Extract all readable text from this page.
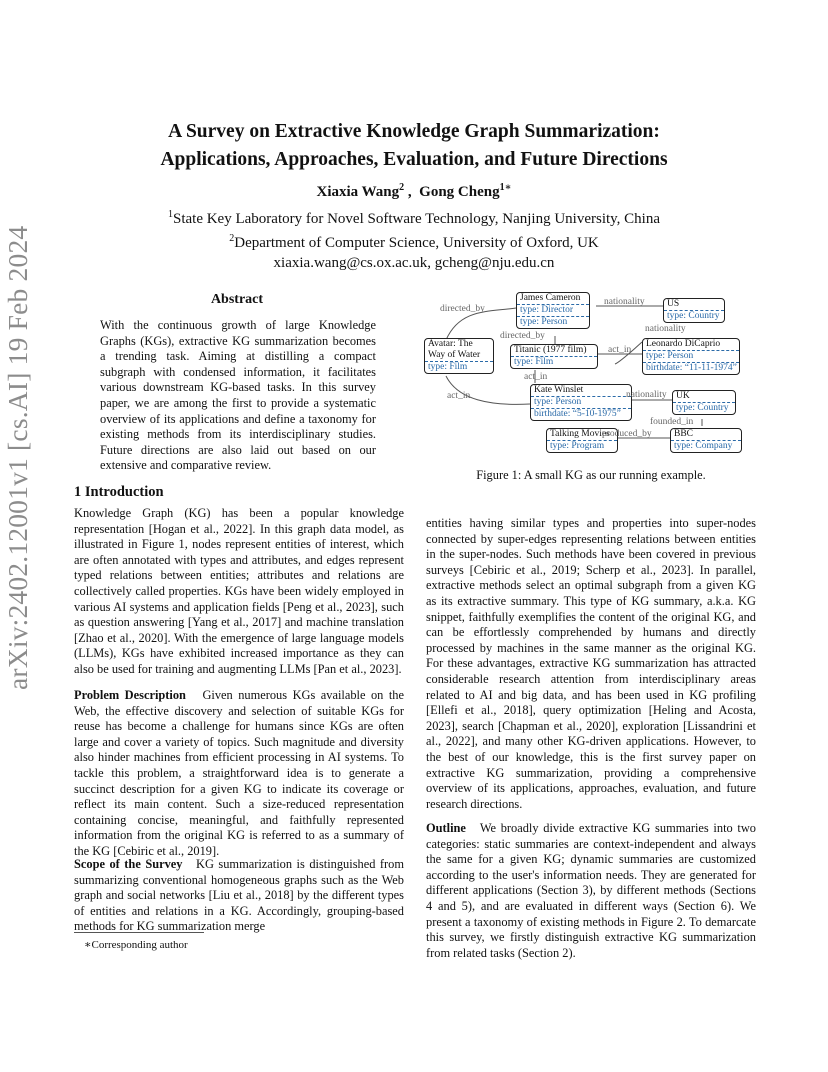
arXiv:2402.12001v1 [cs.AI] 19 Feb 2024
A Survey on Extractive Knowledge Graph Summarization:
Applications, Approaches, Evaluation, and Future Directions
Xiaxia Wang$^2$ ,  Gong Cheng$^{1∗}$
$^1$State Key Laboratory for Novel Software Technology, Nanjing University, China
$^2$Department of Computer Science, University of Oxford, UK
xiaxia.wang@cs.ox.ac.uk, gcheng@nju.edu.cn
Abstract
With the continuous growth of large Knowledge Graphs (KGs), extractive KG summarization becomes a trending task. Aiming at distilling a compact subgraph with condensed information, it facilitates various downstream KG-based tasks. In this survey paper, we are among the first to provide a systematic overview of its applications and define a taxonomy for existing methods from its interdisciplinary studies. Future directions are also laid out based on our extensive and comparative review.
1 Introduction
Knowledge Graph (KG) has been a popular knowledge representation [Hogan et al., 2022]. In this graph data model, as illustrated in Figure 1, nodes represent entities of interest, which are often annotated with types and attributes, and edges represent typed relations between entities; attributes and relations are collectively called properties. KGs have been widely employed in various AI systems and application fields [Peng et al., 2023], such as question answering [Yang et al., 2017] and machine translation [Zhao et al., 2020]. With the emergence of large language models (LLMs), KGs have exhibited increased importance as they can also be used for training and augmenting LLMs [Pan et al., 2023].
Problem Description Given numerous KGs available on the Web, the effective discovery and selection of suitable KGs for reuse has become a challenge for humans since KGs are often large and cover a variety of topics. Such magnitude and diversity also hinder machines from efficient processing in AI systems. To tackle this problem, a straightforward idea is to generate a succinct description for a given KG to indicate its coverage or reflect its main content. Such a size-reduced representation containing concise, meaningful, and faithfully represented information from the original KG is referred to as a summary of the KG [Cebiric et al., 2019].
Scope of the Survey KG summarization is distinguished from summarizing conventional homogeneous graphs such as the Web graph and social networks [Liu et al., 2018] by the different types of entities and relations in a KG. Accordingly, grouping-based methods for KG summarization merge
∗Corresponding author
James Cameron
type: Director
type: Person
US
type: Country
Avatar: The Way of Water
type: Film
Titanic (1977 film)
type: Film
Leonardo DiCaprio
type: Person
birthdate: “11-11-1974”
Kate Winslet
type: Person
birthdate: “5-10-1975”
UK
type: Country
Talking Movies
type: Program
BBC
type: Company
directed_by
nationality
directed_by
nationality
act_in
act_in
act_in	nationality
founded_in
produced_by
Figure 1: A small KG as our running example.
entities having similar types and properties into super-nodes connected by super-edges representing relations between entities in the super-nodes. Such methods have been covered in previous surveys [Cebiric et al., 2019; Scherp et al., 2023]. In parallel, extractive methods select an optimal subgraph from a given KG as its extractive summary. This type of KG summary, a.k.a. KG snippet, faithfully exemplifies the content of the original KG, and can be effortlessly comprehended by humans and directly processed by machines in the same manner as the original KG. For these advantages, extractive KG summarization has attracted considerable research attention from interdisciplinary areas related to AI and big data, and has been used in KG profiling [Ellefi et al., 2018], query optimization [Heling and Acosta, 2023], search [Chapman et al., 2020], exploration [Lissandrini et al., 2022], and many other KG-driven applications. However, to the best of our knowledge, this is the first survey paper on extractive KG summarization, providing a comprehensive overview of its applications, approaches, evaluation, and future research directions.
Outline We broadly divide extractive KG summaries into two categories: static summaries are context-independent and always the same for a given KG; dynamic summaries are customized according to the user's information needs. They are generated for different applications (Section 3), by different methods (Sections 4 and 5), and are evaluated in different ways (Section 6). We present a taxonomy of existing methods in Figure 2. To demarcate this survey, we firstly distinguish extractive KG summarization from related tasks (Section 2).
